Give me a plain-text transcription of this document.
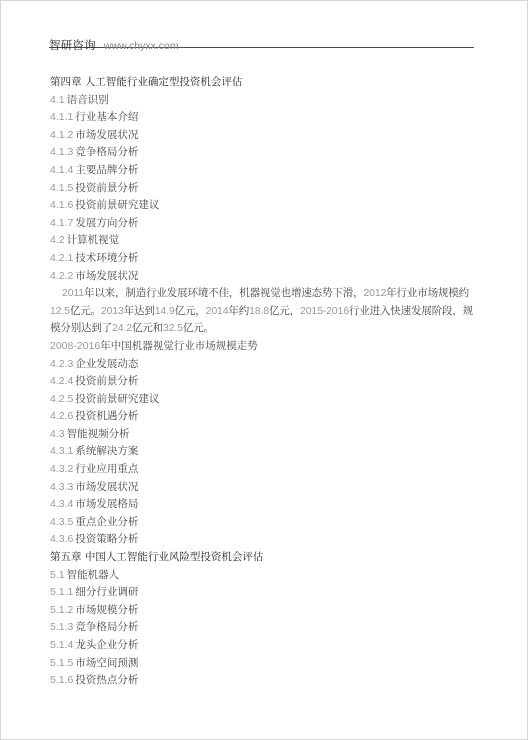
智研咨询 www.chyxx.com
第四章 人工智能行业确定型投资机会评估
4.1 语音识别
4.1.1 行业基本介绍
4.1.2 市场发展状况
4.1.3 竞争格局分析
4.1.4 主要品牌分析
4.1.5 投资前景分析
4.1.6 投资前景研究建议
4.1.7 发展方向分析
4.2 计算机视觉
4.2.1 技术环境分析
4.2.2 市场发展状况
2011年以来，制造行业发展环境不佳，机器视觉也增速态势下滑，2012年行业市场规模约12.5亿元。2013年达到14.9亿元，2014年约18.8亿元，2015-2016行业进入快速发展阶段，规模分别达到了24.2亿元和32.5亿元。
2008-2016年中国机器视觉行业市场规模走势
4.2.3 企业发展动态
4.2.4 投资前景分析
4.2.5 投资前景研究建议
4.2.6 投资机遇分析
4.3 智能视频分析
4.3.1 系统解决方案
4.3.2 行业应用重点
4.3.3 市场发展状况
4.3.4 市场发展格局
4.3.5 重点企业分析
4.3.6 投资策略分析
第五章 中国人工智能行业风险型投资机会评估
5.1 智能机器人
5.1.1 细分行业调研
5.1.2 市场规模分析
5.1.3 竞争格局分析
5.1.4 龙头企业分析
5.1.5 市场空间预测
5.1.6 投资热点分析
